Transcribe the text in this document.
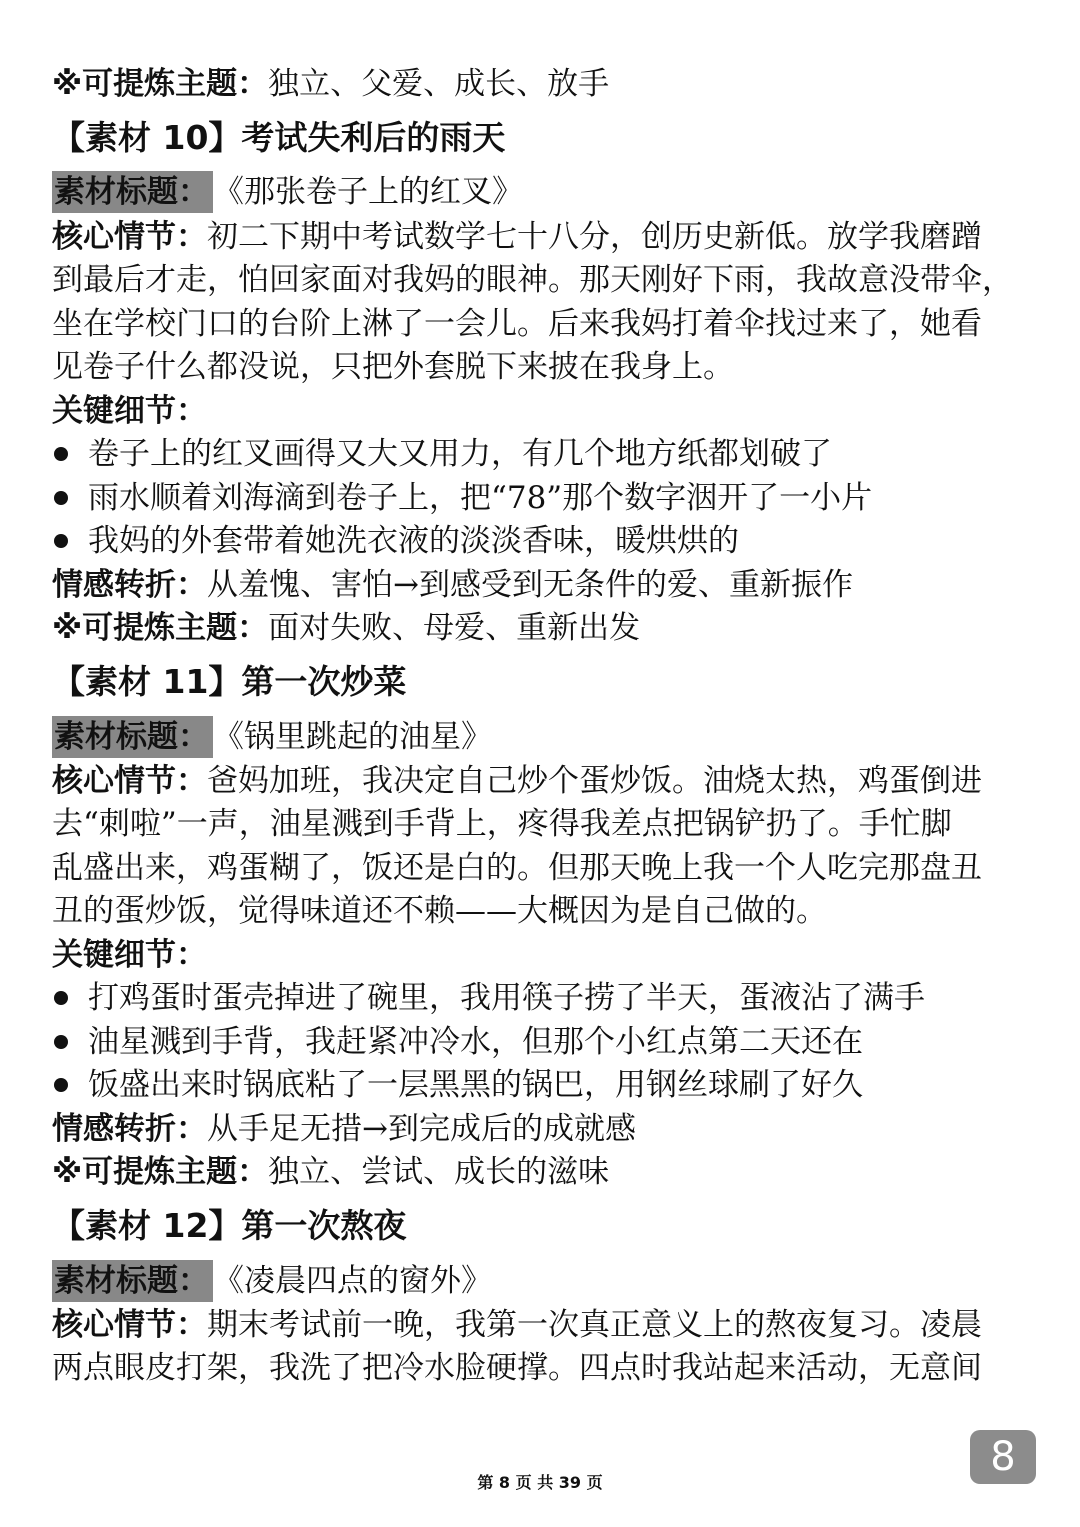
※可提炼主题：独立、父爱、成长、放手
【素材 10】考试失利后的雨天
素材标题： 《那张卷子上的红叉》
核心情节：初二下期中考试数学七十八分，创历史新低。放学我磨蹭
到最后才走，怕回家面对我妈的眼神。那天刚好下雨，我故意没带伞，
坐在学校门口的台阶上淋了一会儿。后来我妈打着伞找过来了，她看
见卷子什么都没说，只把外套脱下来披在我身上。
关键细节：
卷子上的红叉画得又大又用力，有几个地方纸都划破了
雨水顺着刘海滴到卷子上，把“78”那个数字洇开了一小片
我妈的外套带着她洗衣液的淡淡香味，暖烘烘的
情感转折：从羞愧、害怕→到感受到无条件的爱、重新振作
※可提炼主题：面对失败、母爱、重新出发
【素材 11】第一次炒菜
素材标题： 《锅里跳起的油星》
核心情节：爸妈加班，我决定自己炒个蛋炒饭。油烧太热，鸡蛋倒进
去“刺啦”一声，油星溅到手背上，疼得我差点把锅铲扔了。手忙脚
乱盛出来，鸡蛋糊了，饭还是白的。但那天晚上我一个人吃完那盘丑
丑的蛋炒饭，觉得味道还不赖——大概因为是自己做的。
关键细节：
打鸡蛋时蛋壳掉进了碗里，我用筷子捞了半天，蛋液沾了满手
油星溅到手背，我赶紧冲冷水，但那个小红点第二天还在
饭盛出来时锅底粘了一层黑黑的锅巴，用钢丝球刷了好久
情感转折：从手足无措→到完成后的成就感
※可提炼主题：独立、尝试、成长的滋味
【素材 12】第一次熬夜
素材标题： 《凌晨四点的窗外》
核心情节：期末考试前一晚，我第一次真正意义上的熬夜复习。凌晨
两点眼皮打架，我洗了把冷水脸硬撑。四点时我站起来活动，无意间
8
第 8 页 共 39 页
